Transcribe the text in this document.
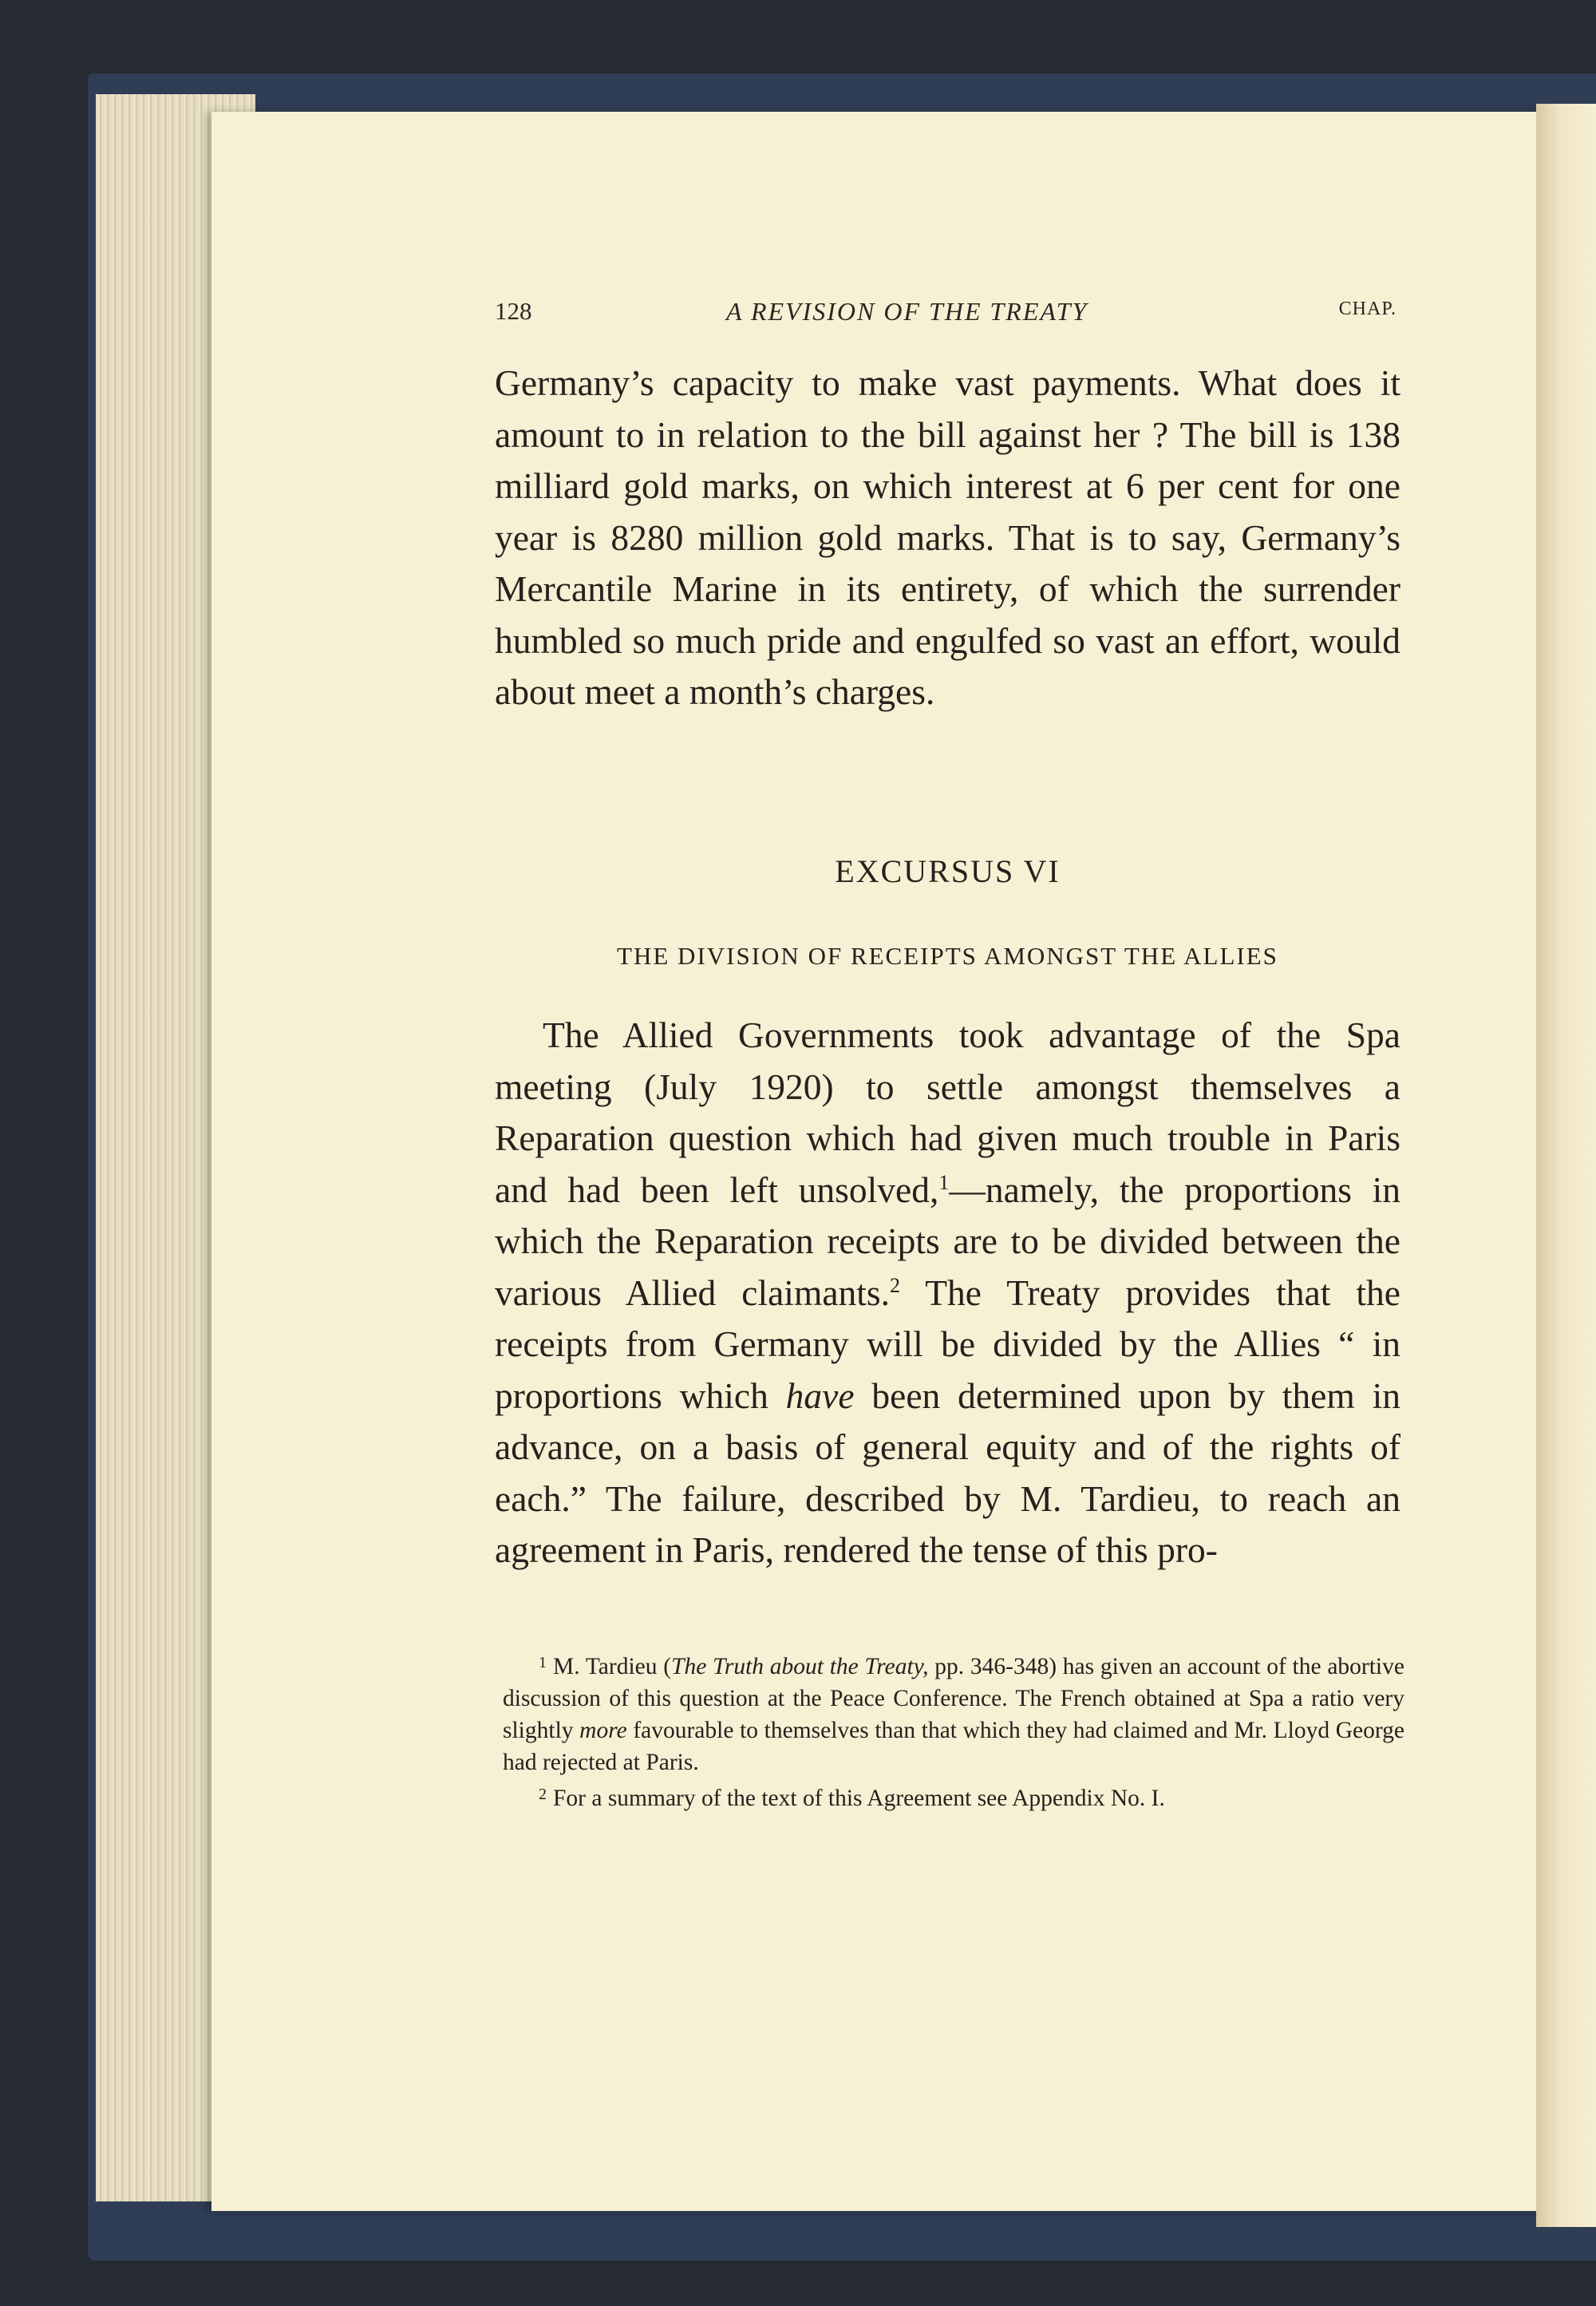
128	A REVISION OF THE TREATY	CHAP.

Germany’s capacity to make vast payments. What does it amount to in relation to the bill against her ? The bill is 138 milliard gold marks, on which interest at 6 per cent for one year is 8280 million gold marks. That is to say, Germany’s Mercantile Marine in its entirety, of which the surrender humbled so much pride and engulfed so vast an effort, would about meet a month’s charges.

EXCURSUS VI
THE DIVISION OF RECEIPTS AMONGST THE ALLIES

The Allied Governments took advantage of the Spa meeting (July 1920) to settle amongst themselves a Reparation question which had given much trouble in Paris and had been left unsolved,$^1$—namely, the proportions in which the Reparation receipts are to be divided between the various Allied claimants.$^2$ The Treaty provides that the receipts from Germany will be divided by the Allies “ in proportions which have been determined upon by them in advance, on a basis of general equity and of the rights of each.” The failure, described by M. Tardieu, to reach an agreement in Paris, rendered the tense of this pro-

$^1$ M. Tardieu (The Truth about the Treaty, pp. 346-348) has given an account of the abortive discussion of this question at the Peace Conference. The French obtained at Spa a ratio very slightly more favourable to themselves than that which they had claimed and Mr. Lloyd George had rejected at Paris.

$^2$ For a summary of the text of this Agreement see Appendix No. I.
